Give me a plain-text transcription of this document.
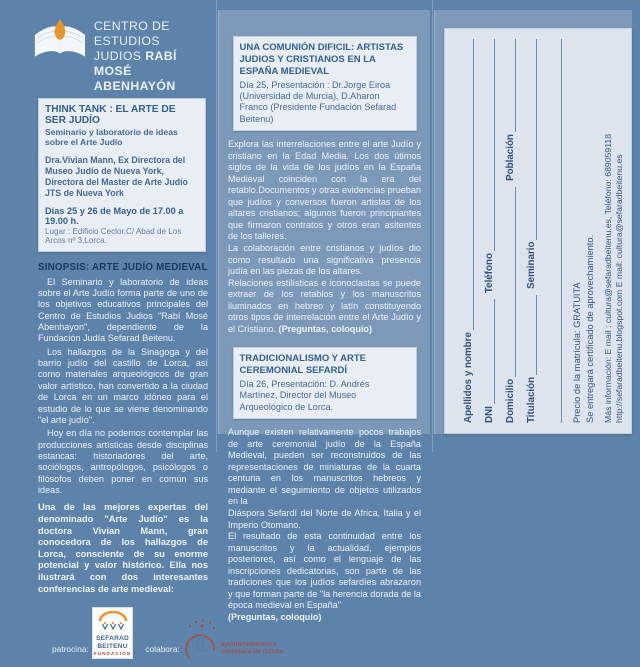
CENTRO DE ESTUDIOS
JUDIOS RABÍ MOSÉ
ABENHAYÓN
THINK TANK : EL ARTE DE SER JUDÍO
Seminario y laboratorio de ideas sobre el Arte Judío
Dra.Vivian Mann, Ex Directora del Museo Judío de Nueva York, Directora del Master de Arte Judío JTS de Nueva York
Días 25 y 26 de Mayo de 17.00 a 19.00 h.
Lugar : Edificio Ceclor,C/ Abad de Los Arcos nº 3,Lorca.
SINOPSIS: ARTE JUDÍO MEDIEVAL

El Seminario y laboratorio de ideas sobre el Arte Judío forma parte de uno de los objetivos educativos principales del Centro de Estudios Judios "Rabí Mosé Abenhayon", dependiente de la Fundación Judía Sefarad Beitenu.

Los hallazgos de la Sinagoga y del barrio judío del castillo de Lorca, así como materiales arqueológicos de gran valor artístico, han convertido a la ciudad de Lorca en un marco idóneo para el estudio de lo que se viene denominando "el arte judío".

Hoy en día no podemos contemplar las producciones artísticas desde disciplinas estancas: historiadores del arte, sociólogos, antropólogos, psicólogos o filósofos deben poner en común sus ideas.

Una de las mejores expertas del denominado "Arte Judío" es la doctora Vivian Mann, gran conocedora de los hallazgos de Lorca, consciente de su enorme potencial y valor histórico. Ella nos ilustrará con dos interesantes conferencias de arte medieval:

patrocina:
SEFARAD
BEITENU
FUNDACIÓN colabora:
ayuntamientolorca
concejalía de cultura
UNA COMUNIÓN DIFICIL: ARTISTAS JUDIOS Y CRISTIANOS EN LA ESPAÑA MEDIEVAL
Día 25, Presentación : Dr.Jorge Eiroa (Universidad de Murcia), D.Aharon Franco (Presidente Fundación Sefarad Beitenu)

Explora las interrelaciones entre el arte Judío y cristiano en la Edad Media. Los dos útimos siglos de la vida de los judíos en la España Medieval coinciden con la era del retablo.Documentos y otras evidencias prueban que judíos y conversos fueron artistas de los altares cristianos; algunos fueron principiantes que firmaron contratos y otros eran asitentes de los talleres.

La colaboración entre cristianos y judíos dio como resultado una significativa presencia judía en las piezas de los altares.

Relaciones estilísticas e iconoclastas se puede extraer de los retablos y los manuscritos iluminados en hebreo y latín constituyendo otros tipos de interrelación entre el Arte Judío y el Cristiano. (Preguntas, coloquio)

TRADICIONALISMO Y ARTE CEREMONIAL SEFARDÍ
Día 26, Presentación: D. Andrés Martínez, Director del Museo Arqueológico de Lorca.

Aunque existen relativamente pocos trabajos de arte ceremonial judío de la España Medieval, pueden ser reconstruidos de las representaciones de miniaturas de la cuarta centuria en los manuscritos hebreos y mediante el seguimiento de objetos utilizados en la

Diáspora Sefardí del Norte de Africa, Italia y el Imperio Otomano.

El resultado de esta continuidad entre los manuscritos y la actualidad, ejemplos posteriores, así como el lenguaje de las inscripciones dedicatorias, son parte de las tradiciones que los judíos sefardíes abrazaron y que forman parte de "la herencia dorada de la época medieval en España"

(Preguntas, coloquio)

Apellidos y nombre DNI
Teléfono
Domicilio
Población
Titulación
Seminario
Precio de la matrícula: GRATUITA Se entregará certificado de aprovechamiento. Más información: E mail : cultura@sefaradbeitenu.es, Teléfono: 689059118 http://sefaradbeitenu.blogspot.com E mail: cultura@sefaradbeitenu.es
